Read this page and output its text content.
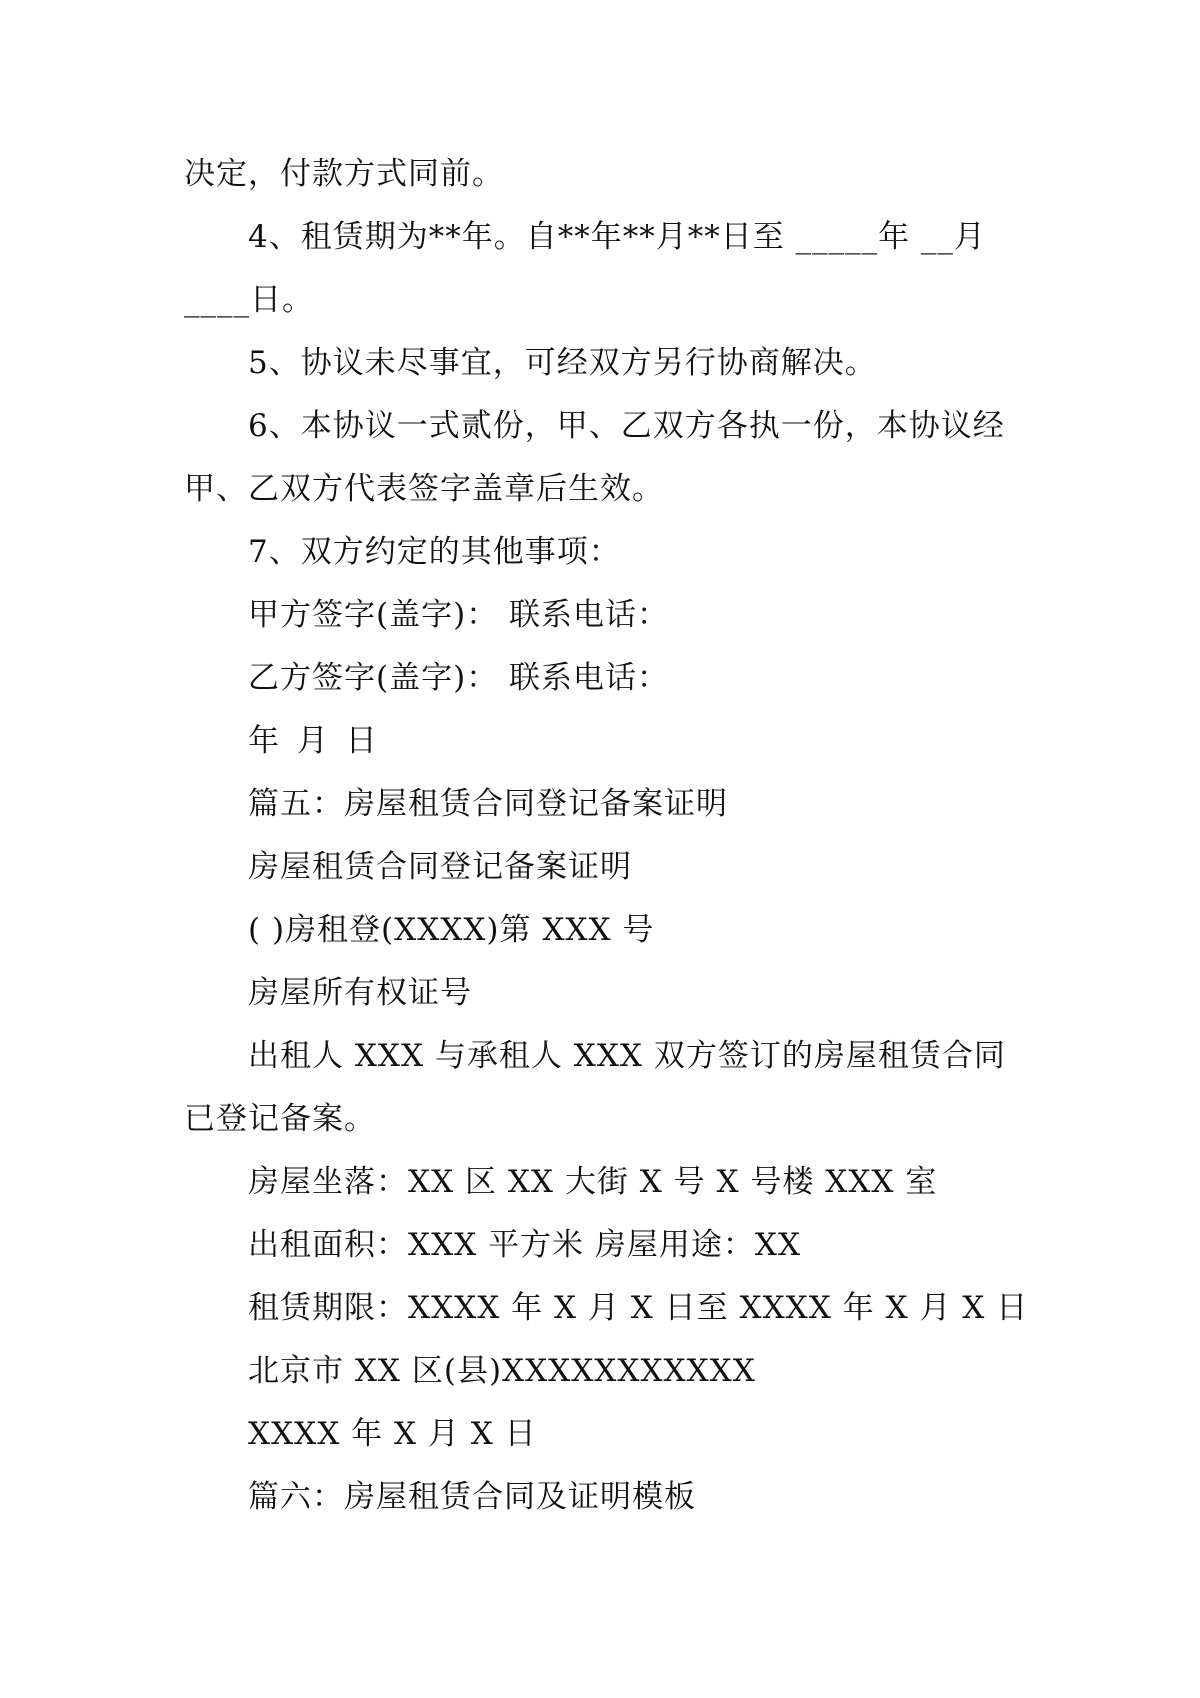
决定，付款方式同前。
4、租赁期为**年。自**年**月**日至 _____年 __月
____日。
5、协议未尽事宜，可经双方另行协商解决。
6、本协议一式贰份，甲、乙双方各执一份，本协议经
甲、乙双方代表签字盖章后生效。
7、双方约定的其他事项：
甲方签字(盖字)： 联系电话：
乙方签字(盖字)： 联系电话：
年 月 日
篇五：房屋租赁合同登记备案证明
房屋租赁合同登记备案证明
( )房租登(XXXX)第 XXX 号
房屋所有权证号
出租人 XXX 与承租人 XXX 双方签订的房屋租赁合同
已登记备案。
房屋坐落：XX 区 XX 大街 X 号 X 号楼 XXX 室
出租面积：XXX 平方米 房屋用途：XX
租赁期限：XXXX 年 X 月 X 日至 XXXX 年 X 月 X 日
北京市 XX 区(县)XXXXXXXXXXX
XXXX 年 X 月 X 日
篇六：房屋租赁合同及证明模板
